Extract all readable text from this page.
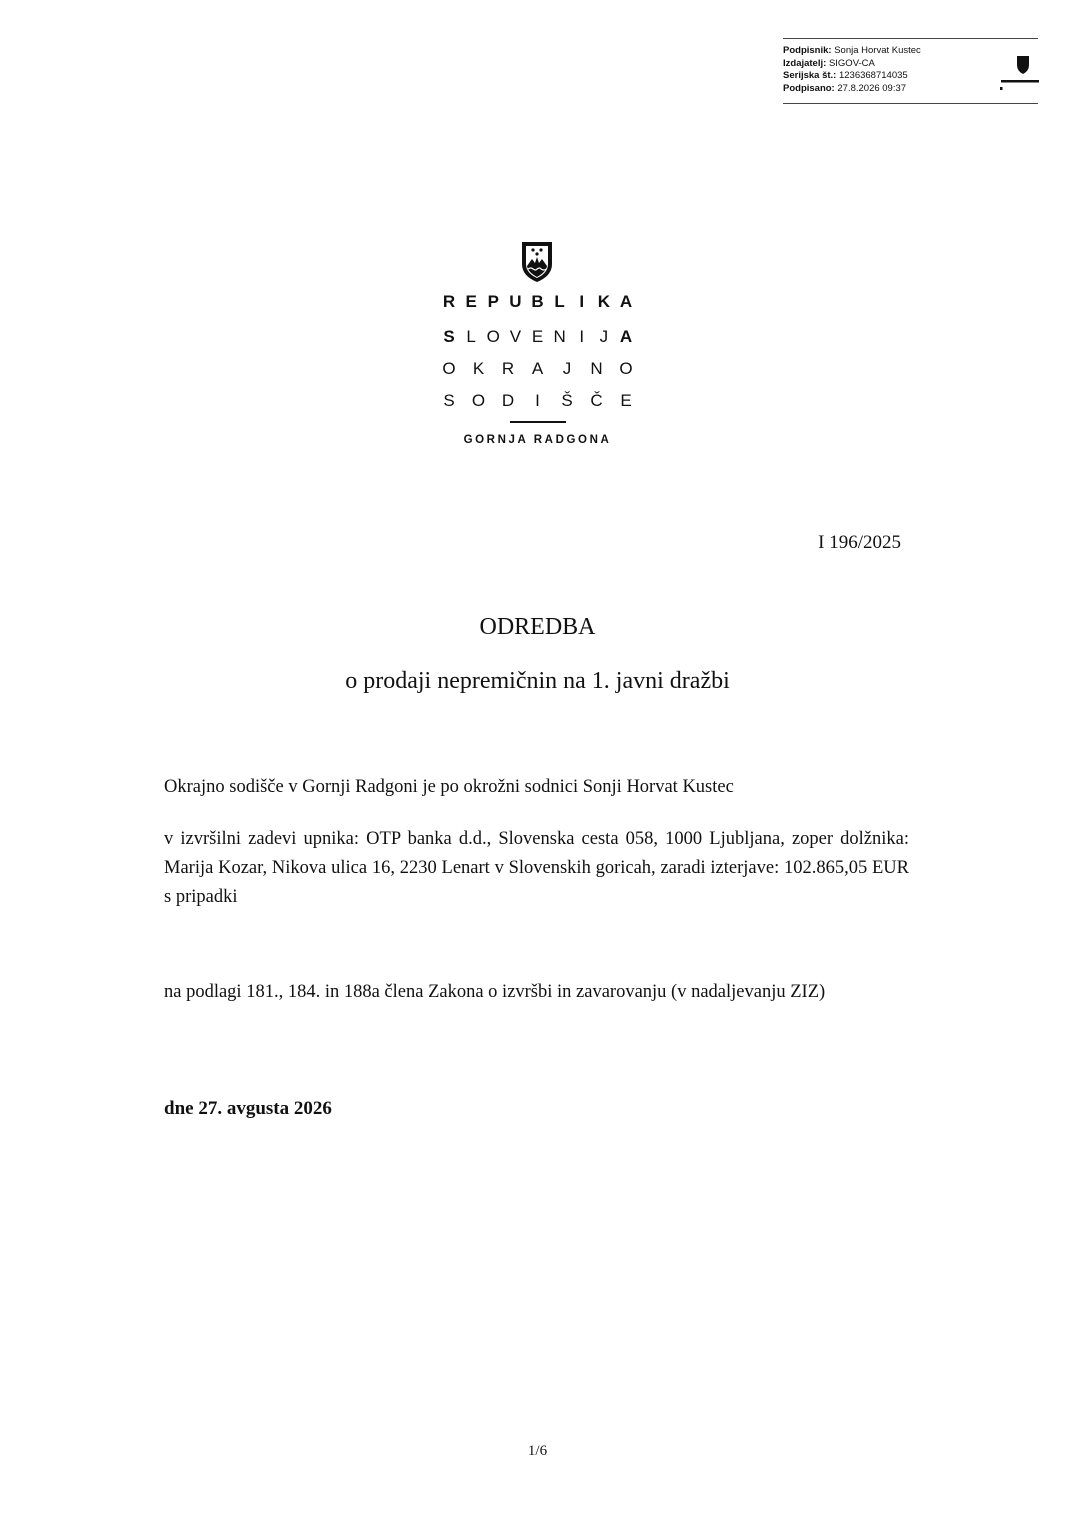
Podpisnik: Sonja Horvat Kustec
Izdajatelj: SIGOV-CA
Serijska št.: 1236368714035
Podpisano: 27.8.2026 09:37
R E P U B L I K A
S L O V E N I J A
O K R A J N O
S O D I Š Č E
GORNJA RADGONA
I 196/2025
ODREDBA
o prodaji nepremičnin na 1. javni dražbi
Okrajno sodišče v Gornji Radgoni je po okrožni sodnici Sonji Horvat Kustec
v izvršilni zadevi upnika: OTP banka d.d., Slovenska cesta 058, 1000 Ljubljana, zoper dolžnika: Marija Kozar, Nikova ulica 16, 2230 Lenart v Slovenskih goricah, zaradi izterjave: 102.865,05 EUR s pripadki
na podlagi 181., 184. in 188a člena Zakona o izvršbi in zavarovanju (v nadaljevanju ZIZ)
dne 27. avgusta 2026
1/6
